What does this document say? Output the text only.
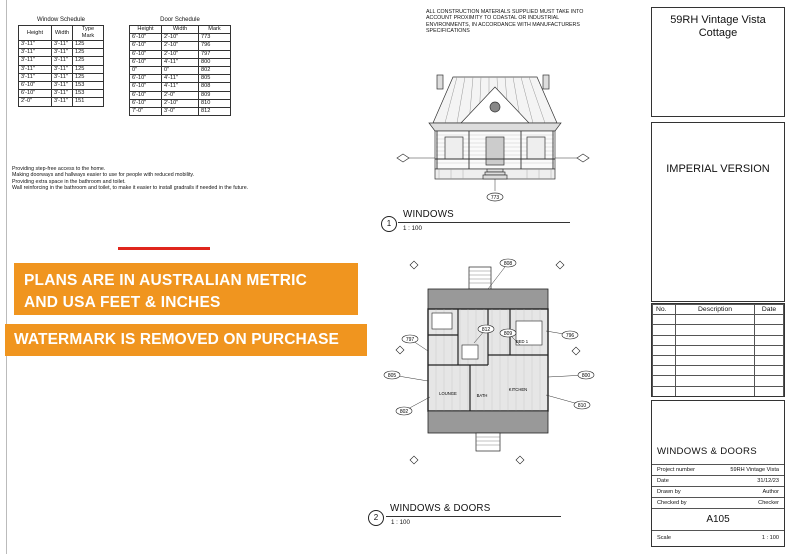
Window Schedule
Height	Width	Type Mark
3'-11"	3'-11"	125
3'-11"	3'-11"	125
3'-11"	3'-11"	125
3'-11"	3'-11"	125
3'-11"	3'-11"	125
6'-10"	3'-11"	153
6'-10"	3'-11"	153
2'-0"	3'-11"	151
Door Schedule
Height	Width	Mark
6'-10"	2'-10"	773
6'-10"	2'-10"	796
6'-10"	2'-10"	797
6'-10"	4'-11"	800
0"	0"	802
6'-10"	4'-11"	805
6'-10"	4'-11"	808
6'-10"	2'-0"	809
6'-10"	2'-10"	810
7'-0"	3'-0"	812
Providing step-free access to the home.
Making doorways and hallways easier to use for people with reduced mobility.
Providing extra space in the bathroom and toilet.
Wall reinforcing in the bathroom and toilet, to make it easier to install gradrails if needed in the future.
ALL CONSTRUCTION MATERIALS SUPPLIED MUST TAKE INTO ACCOUNT PROXIMITY TO COASTAL OR INDUSTRIAL ENVIRONMENTS, IN ACCORDANCE WITH MANUFACTURERS SPECIFICATIONS
773
1
WINDOWS
1 : 100
808
812
809
805	800
802
796
797
810
BED 1
LOUNGE
KITCHEN
BATH
2
WINDOWS & DOORS
1 : 100
PLANS ARE IN AUSTRALIAN METRIC
AND USA FEET & INCHES
WATERMARK IS REMOVED ON PURCHASE
59RH Vintage Vista Cottage
IMPERIAL VERSION
No.	Description	Date

WINDOWS & DOORS
Project number	59RH Vintage Vista
Date	31/12/23
Drawn by	Author
Checked by	Checker
A105
Scale	1 : 100
